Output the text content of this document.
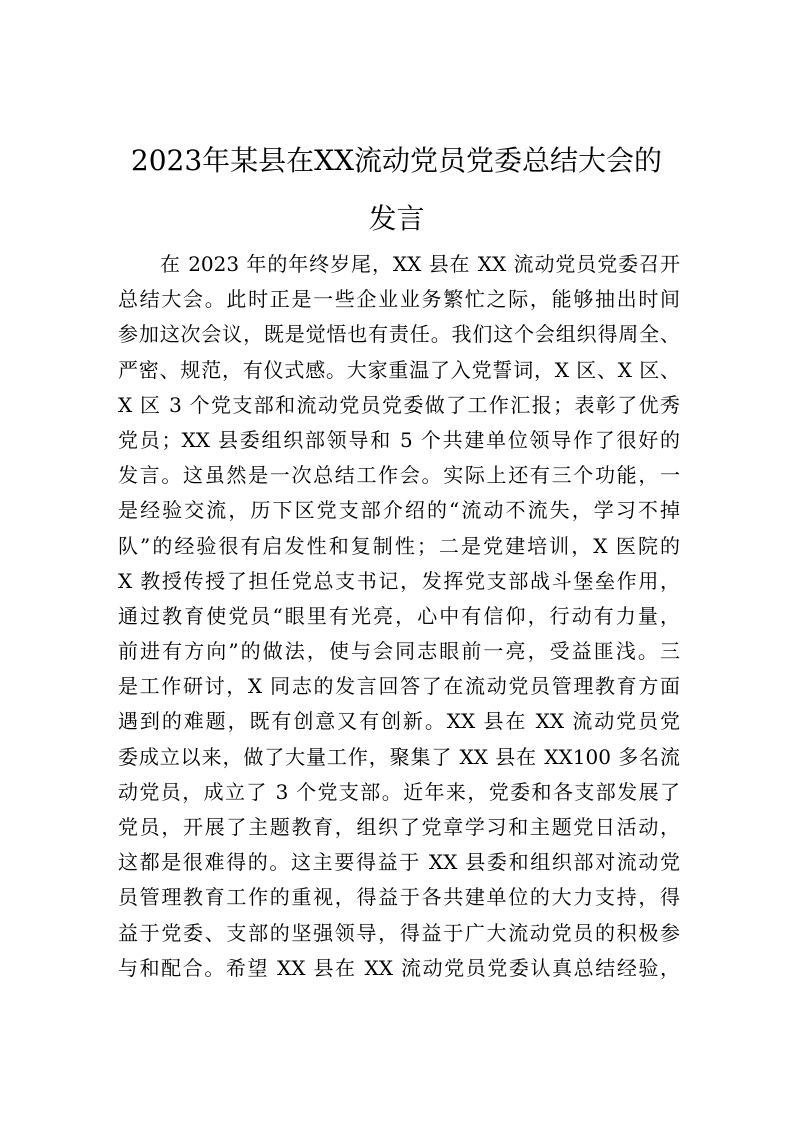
2023年某县在XX流动党员党委总结大会的
发言
在 2023 年的年终岁尾，XX 县在 XX 流动党员党委召开
总结大会。此时正是一些企业业务繁忙之际，能够抽出时间
参加这次会议，既是觉悟也有责任。我们这个会组织得周全、
严密、规范，有仪式感。大家重温了入党誓词，X 区、X 区、
X 区 3 个党支部和流动党员党委做了工作汇报；表彰了优秀
党员；XX 县委组织部领导和 5 个共建单位领导作了很好的
发言。这虽然是一次总结工作会。实际上还有三个功能，一
是经验交流，历下区党支部介绍的“流动不流失，学习不掉
队”的经验很有启发性和复制性；二是党建培训，X 医院的
X 教授传授了担任党总支书记，发挥党支部战斗堡垒作用，
通过教育使党员“眼里有光亮，心中有信仰，行动有力量，
前进有方向”的做法，使与会同志眼前一亮，受益匪浅。三
是工作研讨，X 同志的发言回答了在流动党员管理教育方面
遇到的难题，既有创意又有创新。XX 县在 XX 流动党员党
委成立以来，做了大量工作，聚集了 XX 县在 XX100 多名流
动党员，成立了 3 个党支部。近年来，党委和各支部发展了
党员，开展了主题教育，组织了党章学习和主题党日活动，
这都是很难得的。这主要得益于 XX 县委和组织部对流动党
员管理教育工作的重视，得益于各共建单位的大力支持，得
益于党委、支部的坚强领导，得益于广大流动党员的积极参
与和配合。希望 XX 县在 XX 流动党员党委认真总结经验，
